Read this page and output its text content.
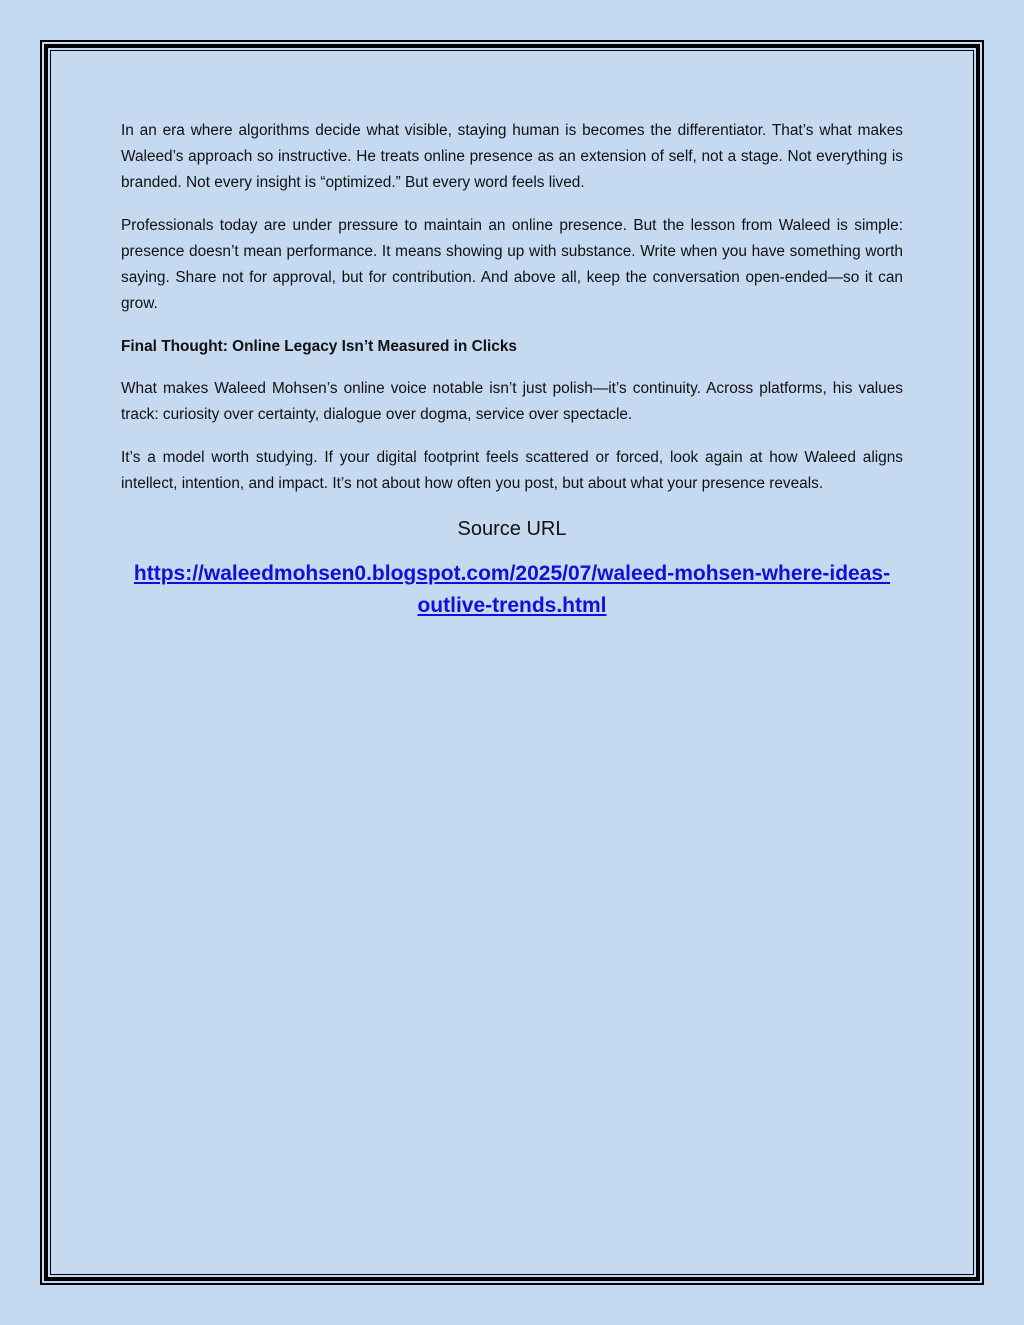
In an era where algorithms decide what visible, staying human is becomes the differentiator. That’s what makes Waleed’s approach so instructive. He treats online presence as an extension of self, not a stage. Not everything is branded. Not every insight is “optimized.” But every word feels lived.

Professionals today are under pressure to maintain an online presence. But the lesson from Waleed is simple: presence doesn’t mean performance. It means showing up with substance. Write when you have something worth saying. Share not for approval, but for contribution. And above all, keep the conversation open-ended—so it can grow.

Final Thought: Online Legacy Isn’t Measured in Clicks

What makes Waleed Mohsen’s online voice notable isn’t just polish—it’s continuity. Across platforms, his values track: curiosity over certainty, dialogue over dogma, service over spectacle.

It’s a model worth studying. If your digital footprint feels scattered or forced, look again at how Waleed aligns intellect, intention, and impact. It’s not about how often you post, but about what your presence reveals.

Source URL
https://waleedmohsen0.blogspot.com/2025/07/waleed-mohsen-where-ideas-
outlive-trends.html
